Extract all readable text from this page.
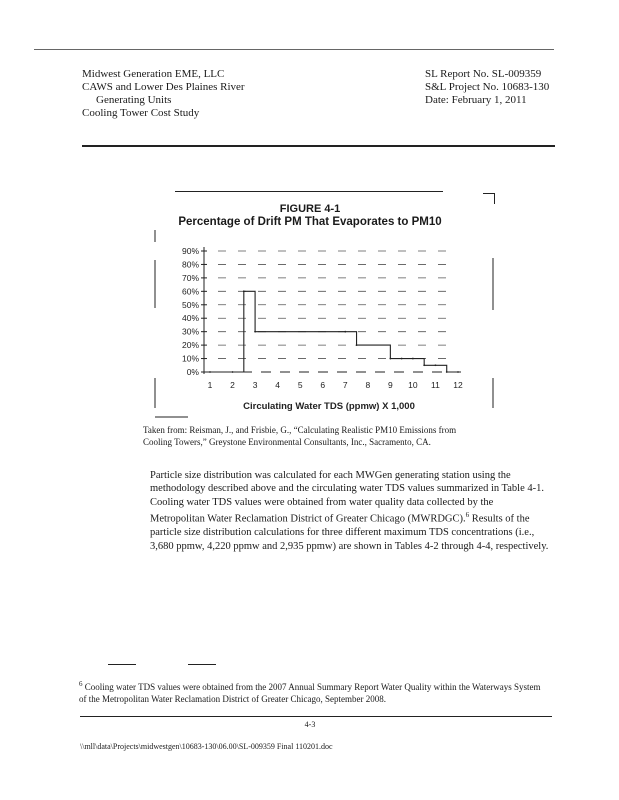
Midwest Generation EME, LLC
CAWS and Lower Des Plaines River
Generating Units
Cooling Tower Cost Study
SL Report No. SL-009359
S&L Project No. 10683-130
Date: February 1, 2011
FIGURE 4-1
Percentage of Drift PM That Evaporates to PM10
0%
10%
20%
30%
40%
50%
60%
70%
80%
90%
1 2 3 4 5 6 7 8 9 10 11 12
Circulating Water TDS (ppmw) X 1,000
Taken from: Reisman, J., and Frisbie, G., “Calculating Realistic PM10 Emissions from
Cooling Towers,” Greystone Environmental Consultants, Inc., Sacramento, CA.
Particle size distribution was calculated for each MWGen generating station using the methodology described above and the circulating water TDS values summarized in Table 4-1. Cooling water TDS values were obtained from water quality data collected by the Metropolitan Water Reclamation District of Greater Chicago (MWRDGC).$^6$ Results of the particle size distribution calculations for three different maximum TDS concentrations (i.e., 3,680 ppmw, 4,220 ppmw and 2,935 ppmw) are shown in Tables 4-2 through 4-4, respectively.
$^6$ Cooling water TDS values were obtained from the 2007 Annual Summary Report Water Quality within the Waterways System of the Metropolitan Water Reclamation District of Greater Chicago, September 2008.
4-3
\\mll\data\Projects\midwestgen\10683-130\06.00\SL-009359 Final 110201.doc
